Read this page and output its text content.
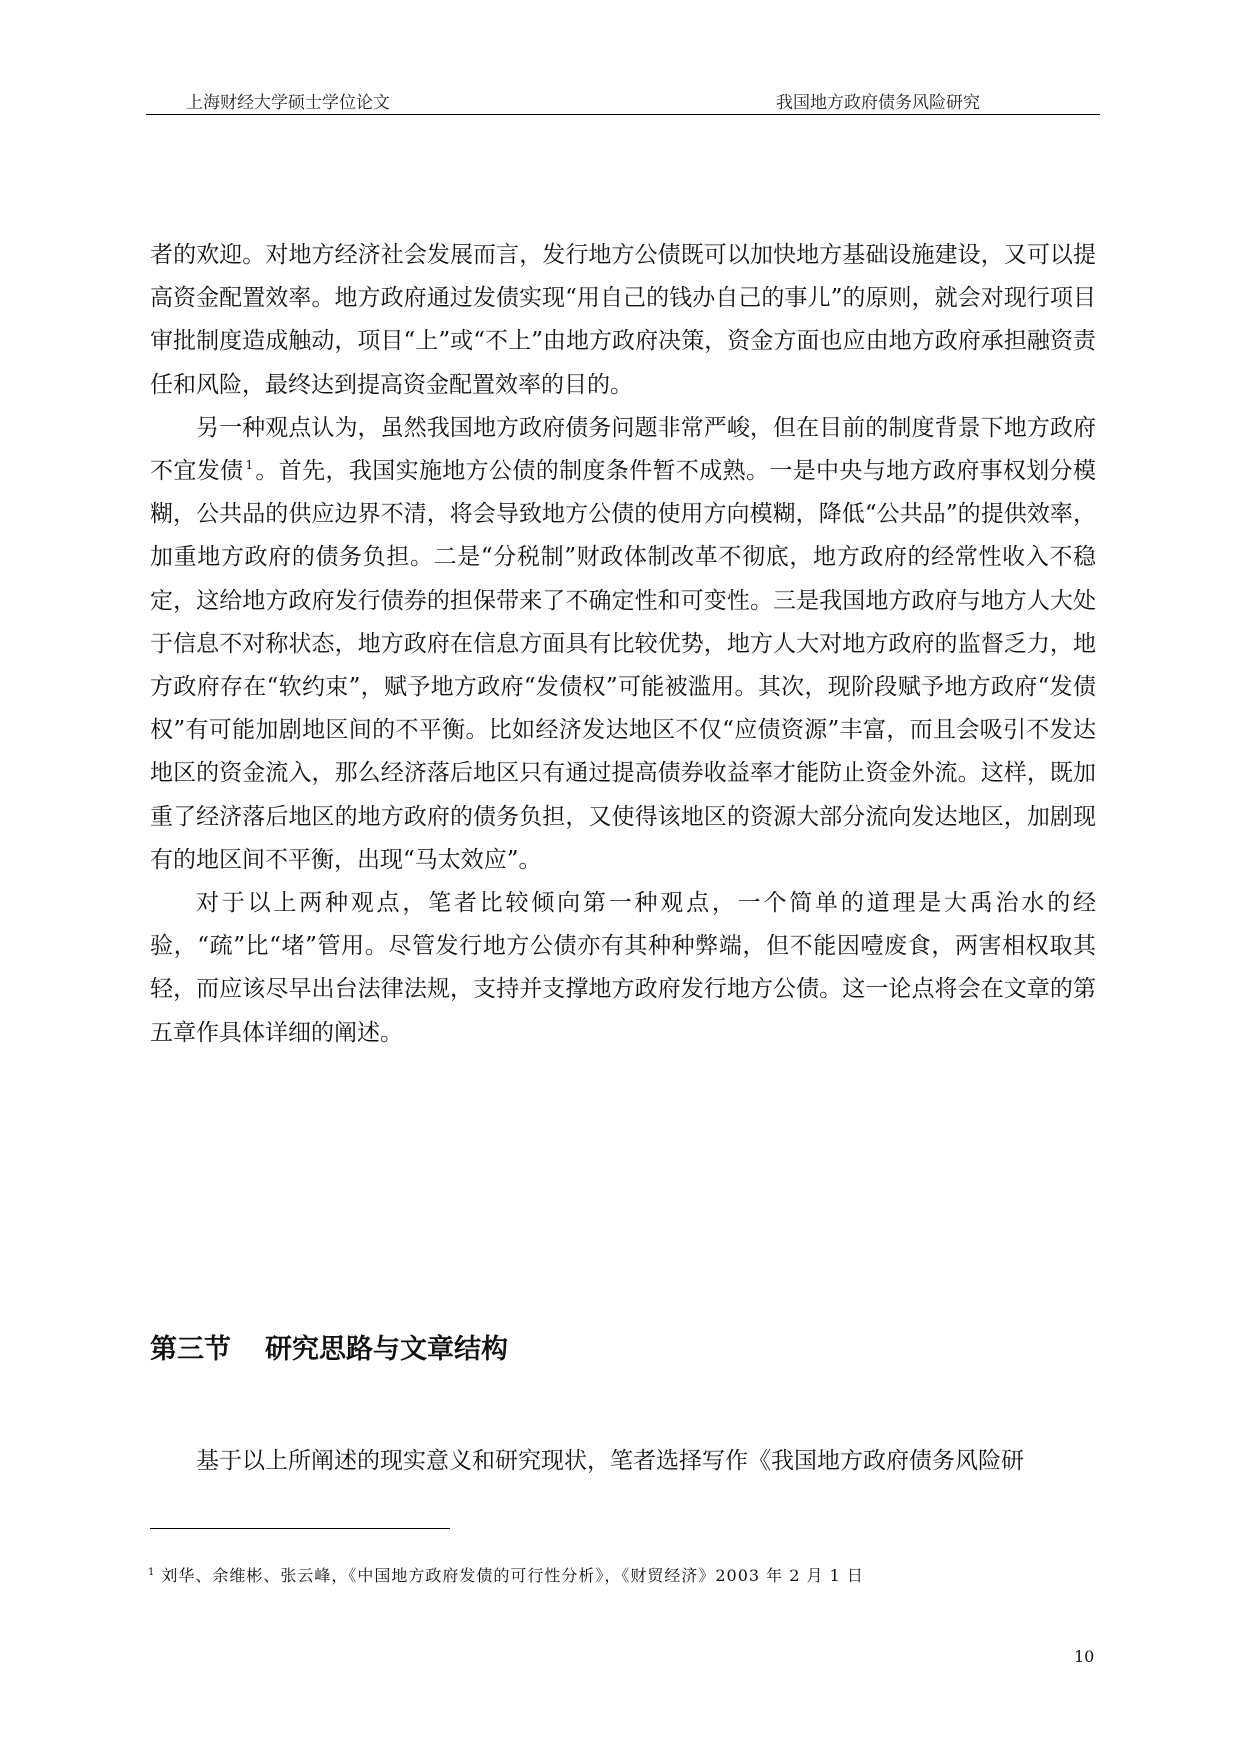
上海财经大学硕士学位论文	我国地方政府债务风险研究

者的欢迎。对地方经济社会发展而言，发行地方公债既可以加快地方基础设施建设，又可以提高资金配置效率。地方政府通过发债实现“用自己的钱办自己的事儿”的原则，就会对现行项目审批制度造成触动，项目“上”或“不上”由地方政府决策，资金方面也应由地方政府承担融资责任和风险，最终达到提高资金配置效率的目的。

另一种观点认为，虽然我国地方政府债务问题非常严峻，但在目前的制度背景下地方政府不宜发债 $^1$。首先，我国实施地方公债的制度条件暂不成熟。一是中央与地方政府事权划分模糊，公共品的供应边界不清，将会导致地方公债的使用方向模糊，降低“公共品”的提供效率，加重地方政府的债务负担。二是“分税制”财政体制改革不彻底，地方政府的经常性收入不稳定，这给地方政府发行债券的担保带来了不确定性和可变性。三是我国地方政府与地方人大处于信息不对称状态，地方政府在信息方面具有比较优势，地方人大对地方政府的监督乏力，地方政府存在“软约束”，赋予地方政府“发债权”可能被滥用。其次，现阶段赋予地方政府“发债权”有可能加剧地区间的不平衡。比如经济发达地区不仅“应债资源”丰富，而且会吸引不发达地区的资金流入，那么经济落后地区只有通过提高债券收益率才能防止资金外流。这样，既加重了经济落后地区的地方政府的债务负担，又使得该地区的资源大部分流向发达地区，加剧现有的地区间不平衡，出现“马太效应”。

对于以上两种观点，笔者比较倾向第一种观点，一个简单的道理是大禹治水的经验，“疏”比“堵”管用。尽管发行地方公债亦有其种种弊端，但不能因噎废食，两害相权取其轻，而应该尽早出台法律法规，支持并支撑地方政府发行地方公债。这一论点将会在文章的第五章作具体详细的阐述。

第三节 研究思路与文章结构

基于以上所阐述的现实意义和研究现状，笔者选择写作《我国地方政府债务风险研

$^1$ 刘华、余维彬、张云峰，《中国地方政府发债的可行性分析》，《财贸经济》2003 年 2 月 1 日
10
